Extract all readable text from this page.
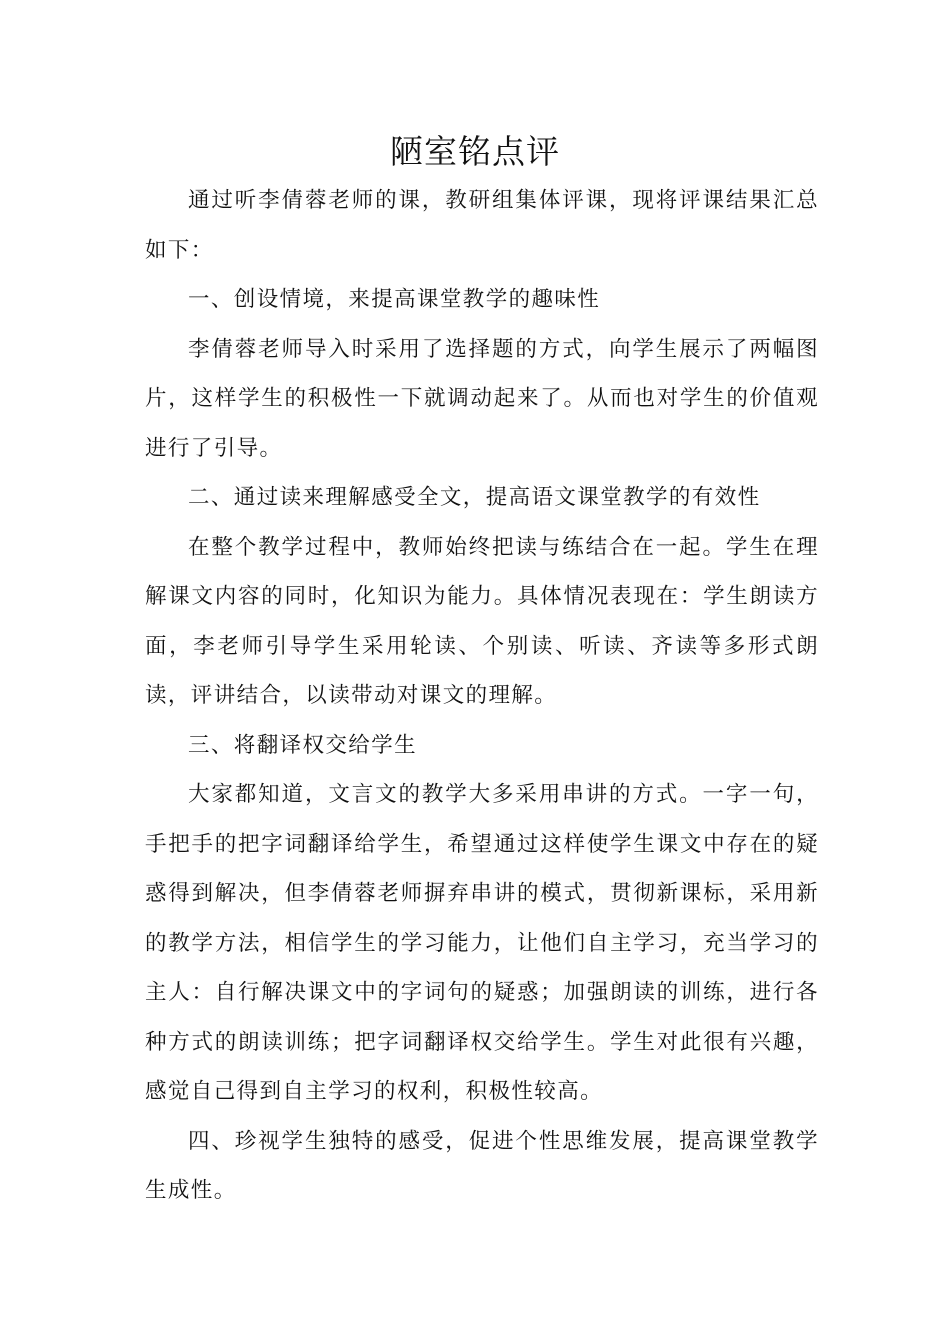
陋室铭点评

通过听李倩蓉老师的课，教研组集体评课，现将评课结果汇总如下：

一、创设情境，来提高课堂教学的趣味性

李倩蓉老师导入时采用了选择题的方式，向学生展示了两幅图片，这样学生的积极性一下就调动起来了。从而也对学生的价值观进行了引导。

二、通过读来理解感受全文，提高语文课堂教学的有效性

在整个教学过程中，教师始终把读与练结合在一起。学生在理解课文内容的同时，化知识为能力。具体情况表现在：学生朗读方面，李老师引导学生采用轮读、个别读、听读、齐读等多形式朗读，评讲结合，以读带动对课文的理解。

三、将翻译权交给学生

大家都知道，文言文的教学大多采用串讲的方式。一字一句，手把手的把字词翻译给学生，希望通过这样使学生课文中存在的疑惑得到解决，但李倩蓉老师摒弃串讲的模式，贯彻新课标，采用新的教学方法，相信学生的学习能力，让他们自主学习，充当学习的主人：自行解决课文中的字词句的疑惑；加强朗读的训练，进行各种方式的朗读训练；把字词翻译权交给学生。学生对此很有兴趣，感觉自己得到自主学习的权利，积极性较高。

四、珍视学生独特的感受，促进个性思维发展，提高课堂教学生成性。
